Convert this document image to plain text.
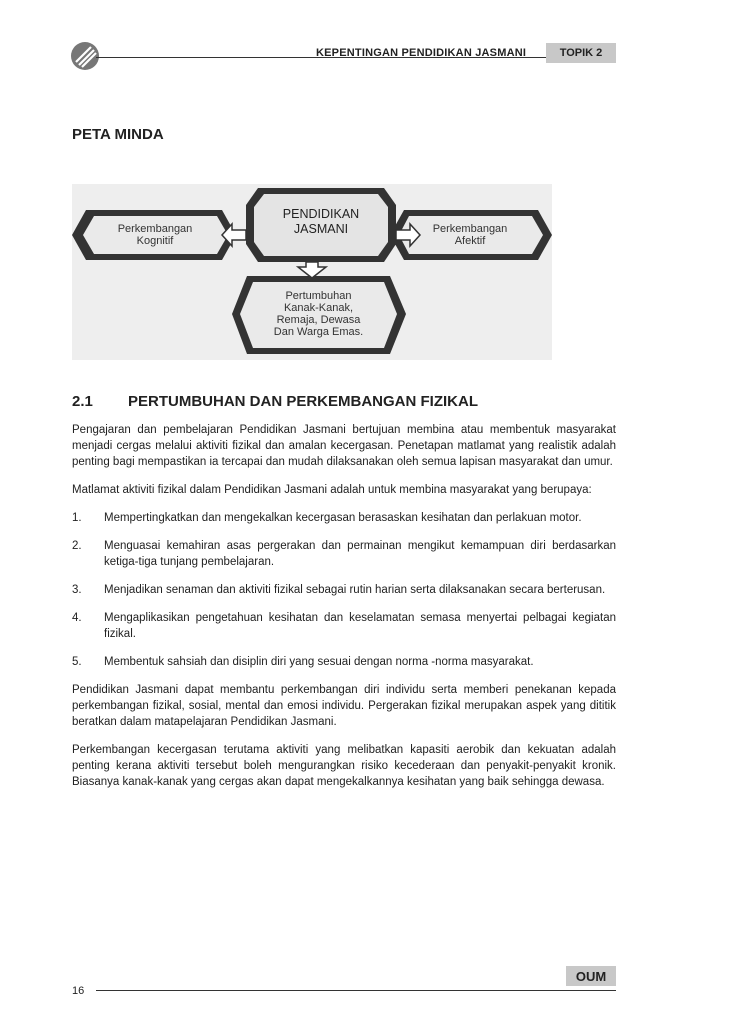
KEPENTINGAN PENDIDIKAN JASMANI	TOPIK 2
PETA MINDA
PENDIDIKAN
JASMANI
Perkembangan
Kognitif
Perkembangan
Afektif
Pertumbuhan
Kanak-Kanak,
Remaja, Dewasa
Dan Warga Emas.
2.1 PERTUMBUHAN DAN PERKEMBANGAN FIZIKAL

Pengajaran dan pembelajaran Pendidikan Jasmani bertujuan membina atau membentuk masyarakat menjadi cergas melalui aktiviti fizikal dan amalan kecergasan. Penetapan matlamat yang realistik adalah penting bagi mempastikan ia tercapai dan mudah dilaksanakan oleh semua lapisan masyarakat dan umur.

Matlamat aktiviti fizikal dalam Pendidikan Jasmani adalah untuk membina masyarakat yang berupaya:

1. Mempertingkatkan dan mengekalkan kecergasan berasaskan kesihatan dan perlakuan motor.
2. Menguasai kemahiran asas pergerakan dan permainan mengikut kemampuan diri berdasarkan ketiga-tiga tunjang pembelajaran.
3. Menjadikan senaman dan aktiviti fizikal sebagai rutin harian serta dilaksanakan secara berterusan.
4. Mengaplikasikan pengetahuan kesihatan dan keselamatan semasa menyertai pelbagai kegiatan fizikal.
5. Membentuk sahsiah dan disiplin diri yang sesuai dengan norma -norma masyarakat.

Pendidikan Jasmani dapat membantu perkembangan diri individu serta memberi penekanan kepada perkembangan fizikal, sosial, mental dan emosi individu. Pergerakan fizikal merupakan aspek yang dititik beratkan dalam matapelajaran Pendidikan Jasmani.

Perkembangan kecergasan terutama aktiviti yang melibatkan kapasiti aerobik dan kekuatan adalah penting kerana aktiviti tersebut boleh mengurangkan risiko kecederaan dan penyakit-penyakit kronik. Biasanya kanak-kanak yang cergas akan dapat mengekalkannya kesihatan yang baik sehingga dewasa.

OUM
16
